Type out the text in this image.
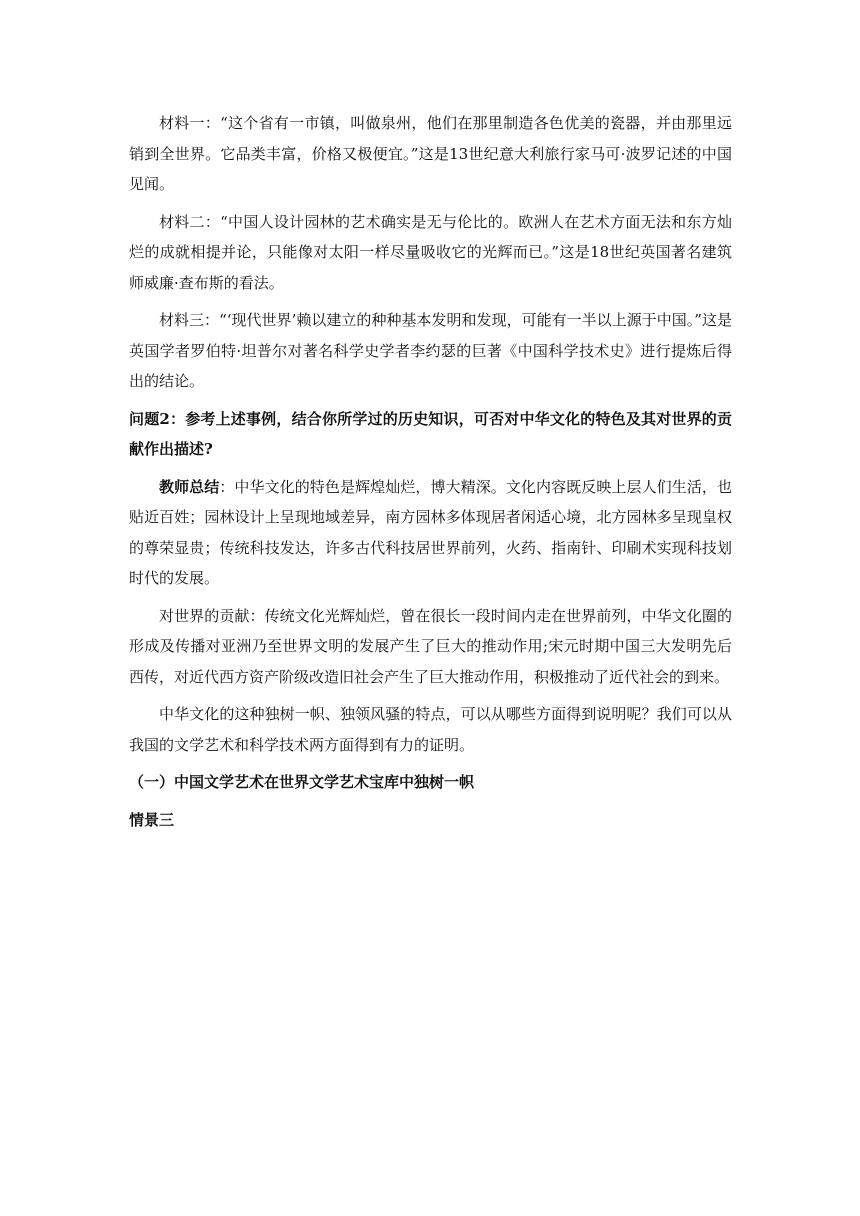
材料一：“这个省有一市镇，叫做泉州，他们在那里制造各色优美的瓷器，并由那里远销到全世界。它品类丰富，价格又极便宜。”这是13世纪意大利旅行家马可·波罗记述的中国见闻。

材料二：“中国人设计园林的艺术确实是无与伦比的。欧洲人在艺术方面无法和东方灿烂的成就相提并论，只能像对太阳一样尽量吸收它的光辉而已。”这是18世纪英国著名建筑师威廉·查布斯的看法。

材料三：“‘现代世界’赖以建立的种种基本发明和发现，可能有一半以上源于中国。”这是英国学者罗伯特·坦普尔对著名科学史学者李约瑟的巨著《中国科学技术史》进行提炼后得出的结论。

问题2：参考上述事例，结合你所学过的历史知识，可否对中华文化的特色及其对世界的贡献作出描述?

教师总结：中华文化的特色是辉煌灿烂，博大精深。文化内容既反映上层人们生活，也贴近百姓；园林设计上呈现地域差异，南方园林多体现居者闲适心境，北方园林多呈现皇权的尊荣显贵；传统科技发达，许多古代科技居世界前列，火药、指南针、印刷术实现科技划时代的发展。

对世界的贡献：传统文化光辉灿烂，曾在很长一段时间内走在世界前列，中华文化圈的形成及传播对亚洲乃至世界文明的发展产生了巨大的推动作用;宋元时期中国三大发明先后西传，对近代西方资产阶级改造旧社会产生了巨大推动作用，积极推动了近代社会的到来。

中华文化的这种独树一帜、独领风骚的特点，可以从哪些方面得到说明呢？我们可以从我国的文学艺术和科学技术两方面得到有力的证明。

（一）中国文学艺术在世界文学艺术宝库中独树一帜

情景三
